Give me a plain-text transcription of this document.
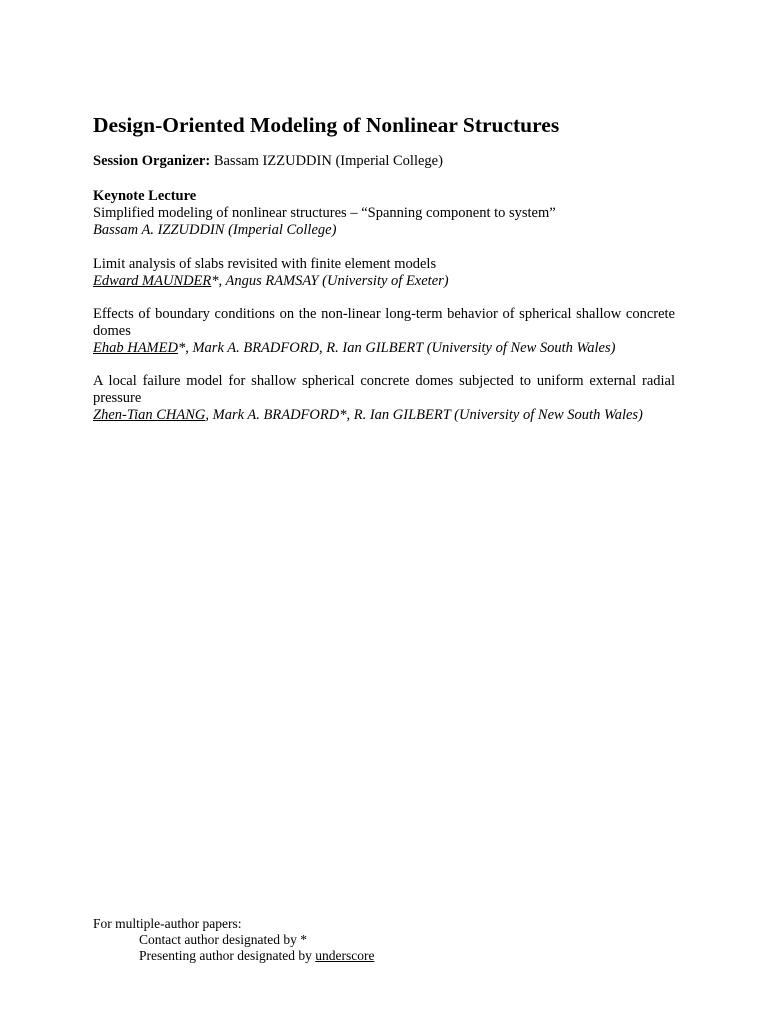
Design-Oriented Modeling of Nonlinear Structures
Session Organizer: Bassam IZZUDDIN (Imperial College)
Keynote Lecture
Simplified modeling of nonlinear structures – “Spanning component to system”
Bassam A. IZZUDDIN (Imperial College)
Limit analysis of slabs revisited with finite element models
Edward MAUNDER*, Angus RAMSAY (University of Exeter)
Effects of boundary conditions on the non-linear long-term behavior of spherical shallow concrete domes
Ehab HAMED*, Mark A. BRADFORD, R. Ian GILBERT (University of New South Wales)
A local failure model for shallow spherical concrete domes subjected to uniform external radial pressure
Zhen-Tian CHANG, Mark A. BRADFORD*, R. Ian GILBERT (University of New South Wales)
For multiple-author papers:
Contact author designated by *
Presenting author designated by underscore
